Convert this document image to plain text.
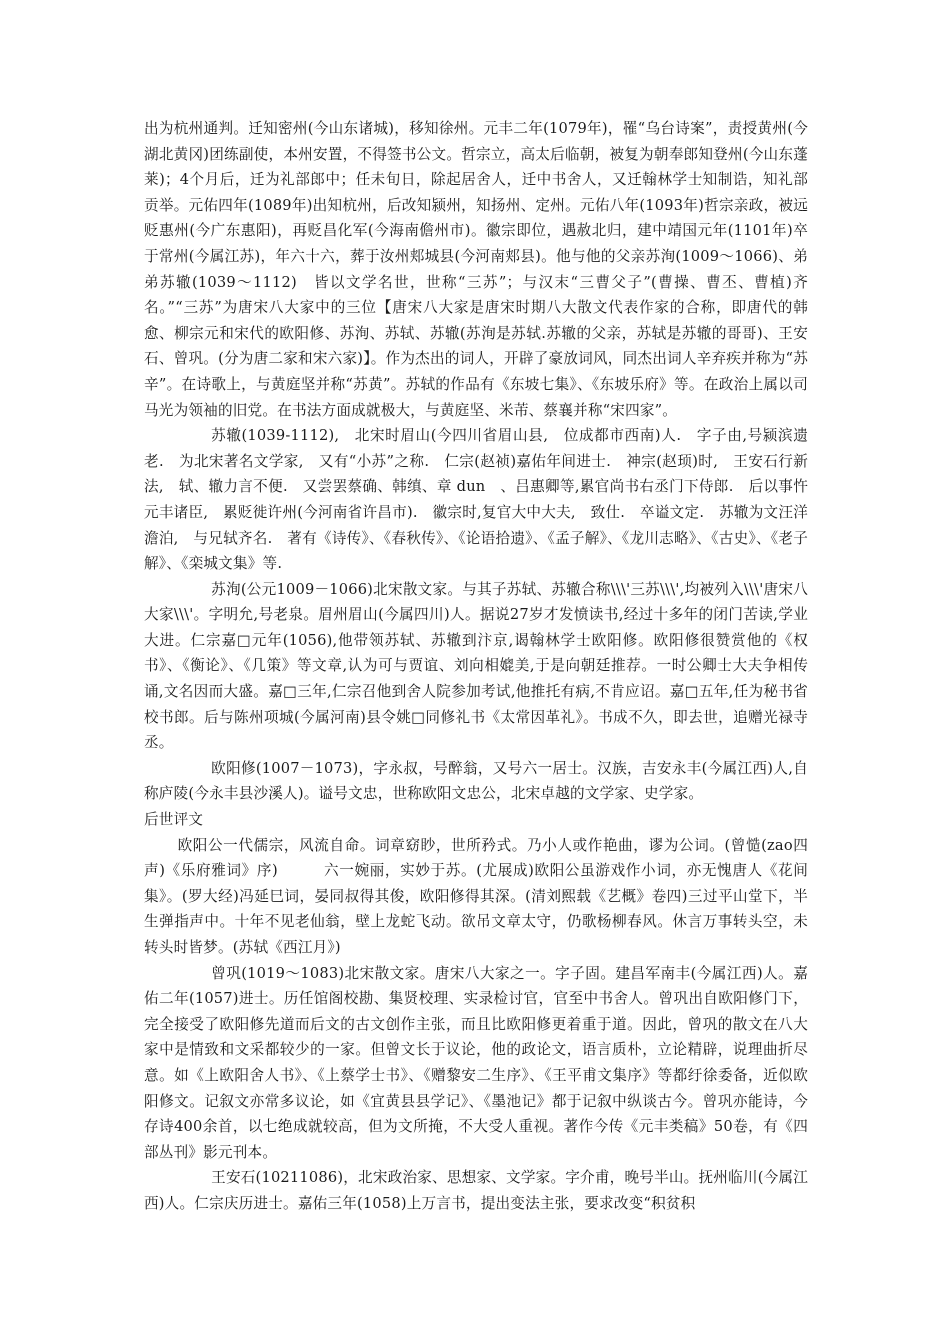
出为杭州通判。迁知密州(今山东诸城)，移知徐州。元丰二年(1079年)，罹“乌台诗案”，责授黄州(今湖北黄冈)团练副使，本州安置，不得签书公文。哲宗立，高太后临朝，被复为朝奉郎知登州(今山东蓬莱)；4个月后，迁为礼部郎中；任未旬日，除起居舍人，迁中书舍人，又迁翰林学士知制诰，知礼部贡举。元佑四年(1089年)出知杭州，后改知颍州，知扬州、定州。元佑八年(1093年)哲宗亲政，被远贬惠州(今广东惠阳)，再贬昌化军(今海南儋州市)。徽宗即位，遇赦北归，建中靖国元年(1101年)卒于常州(今属江苏)，年六十六，葬于汝州郏城县(今河南郏县)。他与他的父亲苏洵(1009～1066)、弟弟苏辙(1039～1112)　皆以文学名世，世称“三苏”；与汉末“三曹父子”(曹操、曹丕、曹植)齐名。”“三苏”为唐宋八大家中的三位【唐宋八大家是唐宋时期八大散文代表作家的合称，即唐代的韩愈、柳宗元和宋代的欧阳修、苏洵、苏轼、苏辙(苏洵是苏轼.苏辙的父亲，苏轼是苏辙的哥哥)、王安石、曾巩。(分为唐二家和宋六家)】。作为杰出的词人，开辟了豪放词风，同杰出词人辛弃疾并称为“苏辛”。在诗歌上，与黄庭坚并称“苏黄”。苏轼的作品有《东坡七集》、《东坡乐府》等。在政治上属以司马光为领袖的旧党。在书法方面成就极大，与黄庭坚、米芾、蔡襄并称“宋四家”。

苏辙(1039-1112),　北宋时眉山(今四川省眉山县,　位成都市西南)人.　字子由,号颍滨遗老.　为北宋著名文学家,　又有“小苏”之称.　仁宗(赵祯)嘉佑年间进士.　神宗(赵顼)时,　王安石行新法,　轼、辙力言不便.　又尝罢蔡确、韩缜、章 dun　、吕惠卿等,累官尚书右丞门下侍郎.　后以事忤元丰诸臣,　累贬徙许州(今河南省许昌市).　徽宗时,复官大中大夫,　致仕.　卒谥文定.　苏辙为文汪洋澹泊,　与兄轼齐名.　著有《诗传》、《春秋传》、《论语拾遗》、《孟子解》、《龙川志略》、《古史》、《老子解》、《栾城文集》等.

苏洵(公元1009－1066)北宋散文家。与其子苏轼、苏辙合称\\\'三苏\\\',均被列入\\\'唐宋八大家\\\'。字明允,号老泉。眉州眉山(今属四川)人。据说27岁才发愤读书,经过十多年的闭门苦读,学业大进。仁宗嘉□元年(1056),他带领苏轼、苏辙到汴京,谒翰林学士欧阳修。欧阳修很赞赏他的《权书》、《衡论》、《几策》等文章,认为可与贾谊、刘向相媲美,于是向朝廷推荐。一时公卿士大夫争相传诵,文名因而大盛。嘉□三年,仁宗召他到舍人院参加考试,他推托有病,不肯应诏。嘉□五年,任为秘书省校书郎。后与陈州项城(今属河南)县令姚□同修礼书《太常因革礼》。书成不久，即去世，追赠光禄寺丞。

欧阳修(1007－1073)，字永叔，号醉翁，又号六一居士。汉族，吉安永丰(今属江西)人,自称庐陵(今永丰县沙溪人)。谥号文忠，世称欧阳文忠公，北宋卓越的文学家、史学家。

后世评文

欧阳公一代儒宗，风流自命。词章窈眇，世所矜式。乃小人或作艳曲，谬为公词。(曾慥(zao四声)《乐府雅词》序)　　　六一婉丽，实妙于苏。(尤展成)欧阳公虽游戏作小词，亦无愧唐人《花间集》。(罗大经)冯延巳词，晏同叔得其俊，欧阳修得其深。(清刘熙载《艺概》卷四)三过平山堂下，半生弹指声中。十年不见老仙翁，壁上龙蛇飞动。欲吊文章太守，仍歌杨柳春风。休言万事转头空，未转头时皆梦。(苏轼《西江月》)

曾巩(1019～1083)北宋散文家。唐宋八大家之一。字子固。建昌军南丰(今属江西)人。嘉佑二年(1057)进士。历任馆阁校勘、集贤校理、实录检讨官，官至中书舍人。曾巩出自欧阳修门下，完全接受了欧阳修先道而后文的古文创作主张，而且比欧阳修更着重于道。因此，曾巩的散文在八大家中是情致和文采都较少的一家。但曾文长于议论，他的政论文，语言质朴，立论精辟，说理曲折尽意。如《上欧阳舍人书》、《上蔡学士书》、《赠黎安二生序》、《王平甫文集序》等都纡徐委备，近似欧阳修文。记叙文亦常多议论，如《宜黄县县学记》、《墨池记》都于记叙中纵谈古今。曾巩亦能诗，今存诗400余首，以七绝成就较高，但为文所掩，不大受人重视。著作今传《元丰类稿》50卷，有《四部丛刊》影元刊本。

王安石(10211086)，北宋政治家、思想家、文学家。字介甫，晚号半山。抚州临川(今属江西)人。仁宗庆历进士。嘉佑三年(1058)上万言书，提出变法主张，要求改变“积贫积
